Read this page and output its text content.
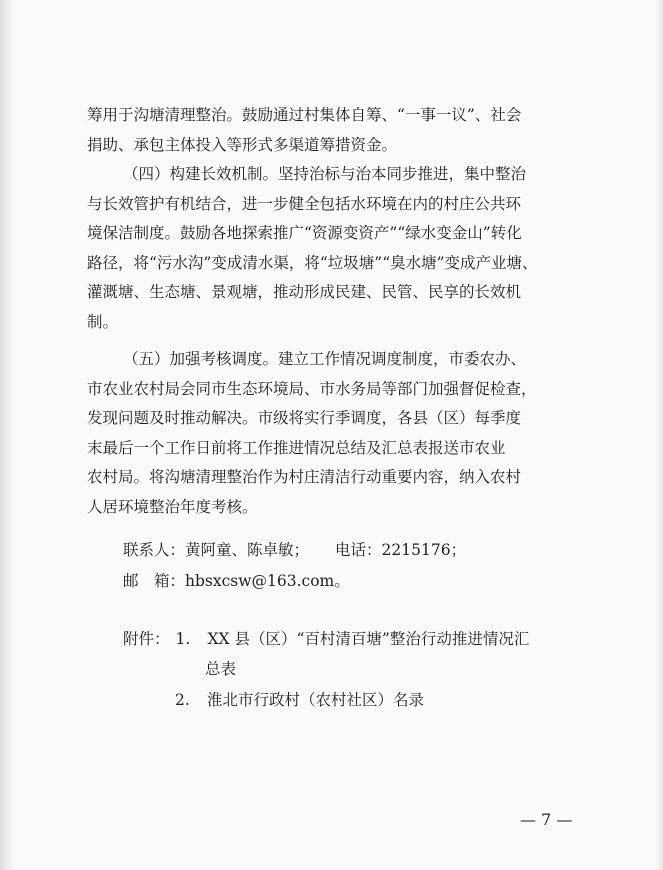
筹用于沟塘清理整治。鼓励通过村集体自筹、“一事一议”、社会
捐助、承包主体投入等形式多渠道筹措资金。
（四）构建长效机制。坚持治标与治本同步推进，集中整治
与长效管护有机结合，进一步健全包括水环境在内的村庄公共环
境保洁制度。鼓励各地探索推广“资源变资产”“绿水变金山”转化
路径，将“污水沟”变成清水渠，将“垃圾塘”“臭水塘”变成产业塘、
灌溉塘、生态塘、景观塘，推动形成民建、民管、民享的长效机
制。
（五）加强考核调度。建立工作情况调度制度，市委农办、
市农业农村局会同市生态环境局、市水务局等部门加强督促检查，
发现问题及时推动解决。市级将实行季调度，各县（区）每季度
末最后一个工作日前将工作推进情况总结及汇总表报送市农业
农村局。将沟塘清理整治作为村庄清洁行动重要内容，纳入农村
人居环境整治年度考核。
联系人：黄阿童、陈卓敏； 电话：2215176；
邮　箱：hbsxcsw@163.com。
附件： 1. XX 县（区）“百村清百塘”整治行动推进情况汇
总表
2. 淮北市行政村（农村社区）名录
— 7 —
